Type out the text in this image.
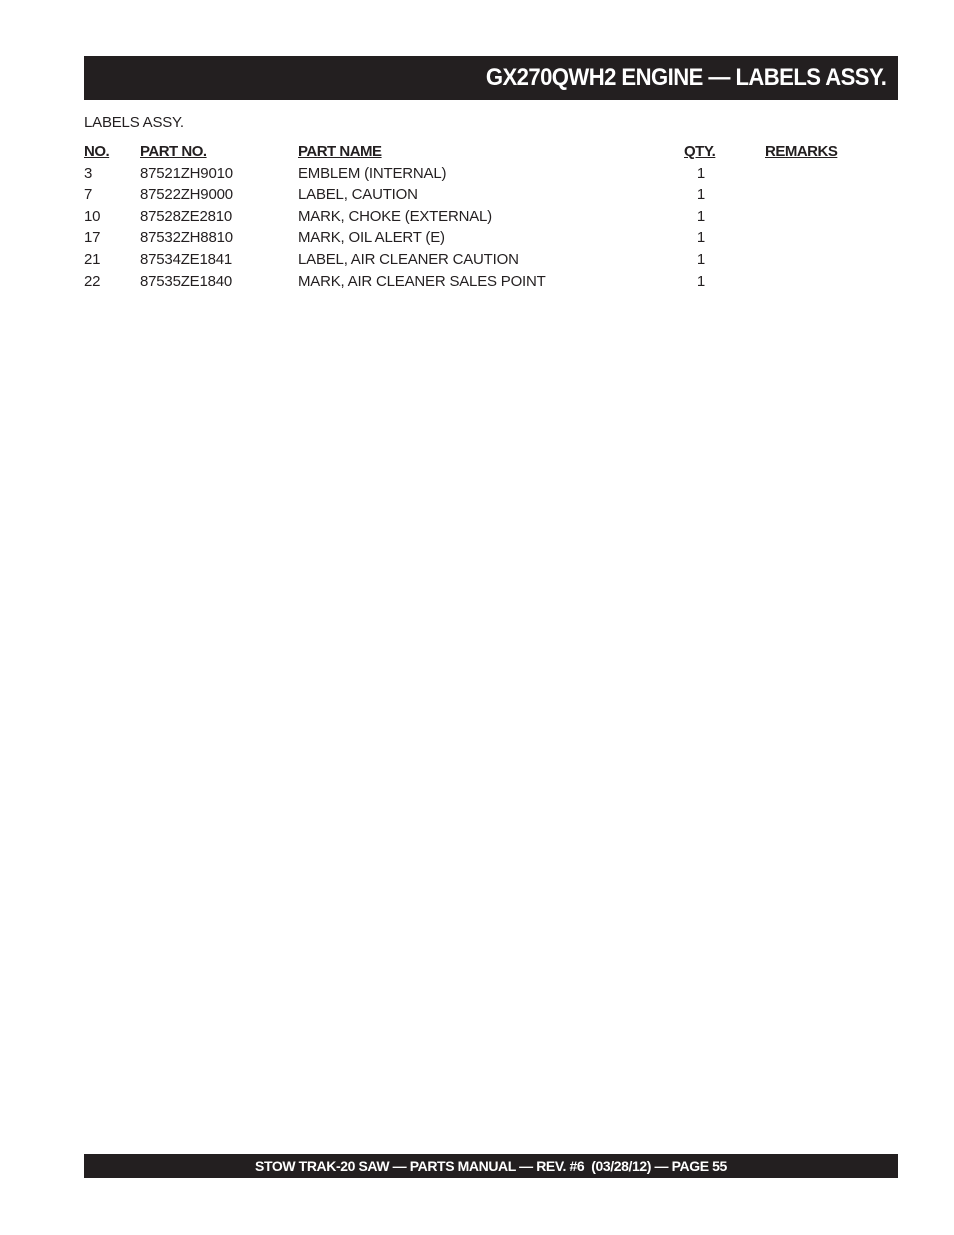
GX270QWH2 ENGINE — LABELS ASSY.
LABELS ASSY.
NO. PART NO.	PART NAME	QTY.	REMARKS
3	87521ZH9010	EMBLEM (INTERNAL)	1
7	87522ZH9000	LABEL, CAUTION	1
10	87528ZE2810	MARK, CHOKE (EXTERNAL)	1
17	87532ZH8810	MARK, OIL ALERT (E)	1
21	87534ZE1841	LABEL, AIR CLEANER CAUTION	1
22	87535ZE1840	MARK, AIR CLEANER SALES POINT	1
STOW TRAK-20 SAW — PARTS MANUAL — REV. #6  (03/28/12) — PAGE 55
